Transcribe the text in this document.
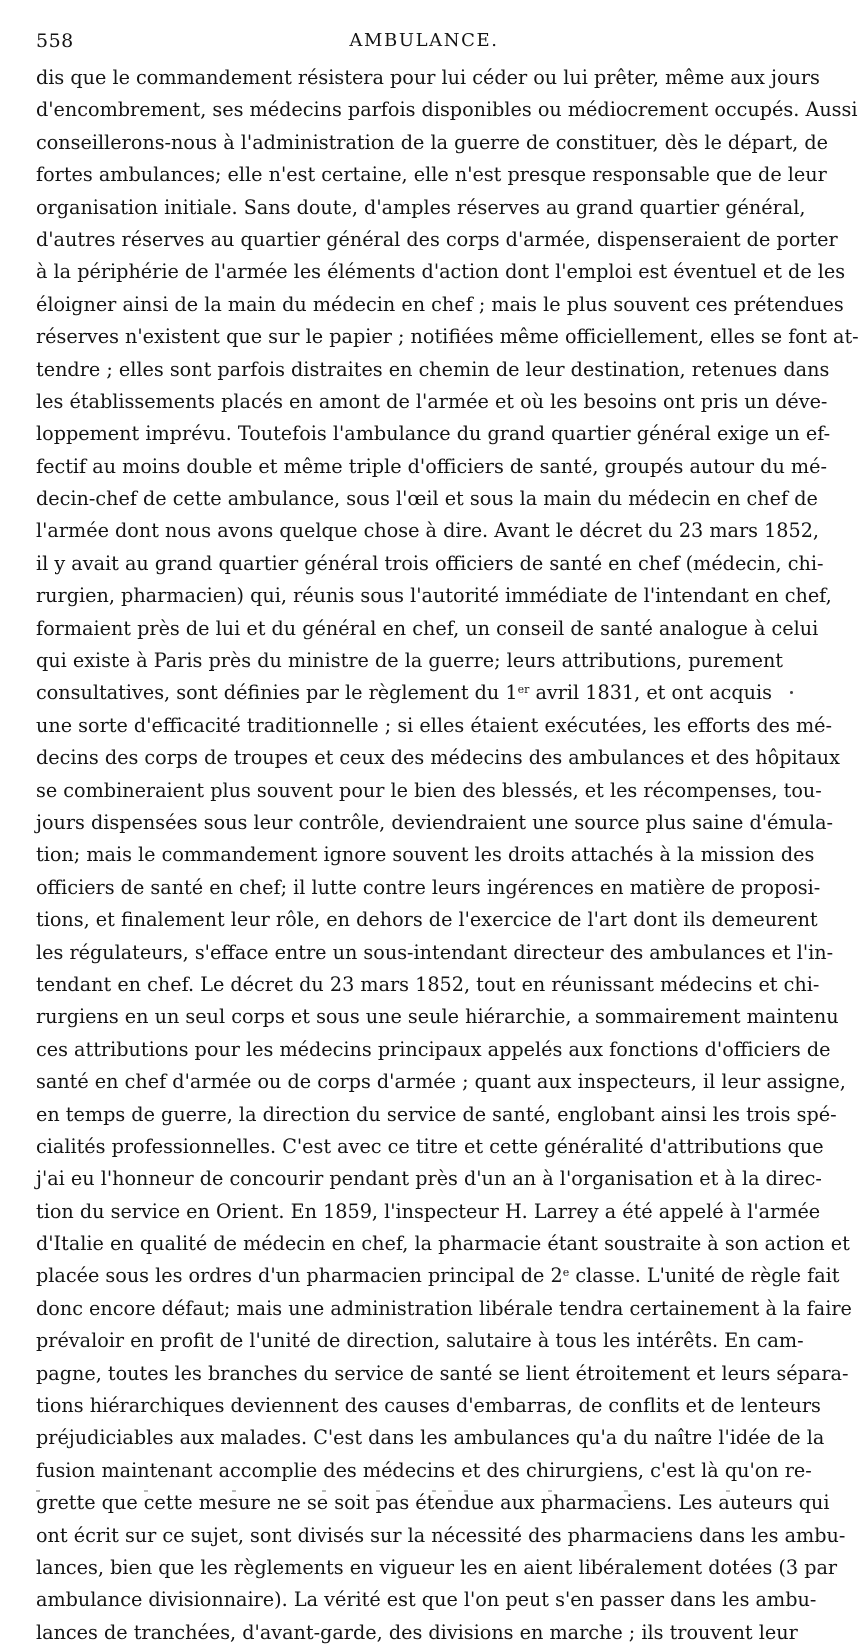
558	AMBULANCE.
dis que le commandement résistera pour lui céder ou lui prêter, même aux jours
d'encombrement, ses médecins parfois disponibles ou médiocrement occupés. Aussi
conseillerons-nous à l'administration de la guerre de constituer, dès le départ, de
fortes ambulances; elle n'est certaine, elle n'est presque responsable que de leur
organisation initiale. Sans doute, d'amples réserves au grand quartier général,
d'autres réserves au quartier général des corps d'armée, dispenseraient de porter
à la périphérie de l'armée les éléments d'action dont l'emploi est éventuel et de les
éloigner ainsi de la main du médecin en chef ; mais le plus souvent ces prétendues
réserves n'existent que sur le papier ; notifiées même officiellement, elles se font at-
tendre ; elles sont parfois distraites en chemin de leur destination, retenues dans
les établissements placés en amont de l'armée et où les besoins ont pris un déve-
loppement imprévu. Toutefois l'ambulance du grand quartier général exige un ef-
fectif au moins double et même triple d'officiers de santé, groupés autour du mé-
decin-chef de cette ambulance, sous l'œil et sous la main du médecin en chef de
l'armée dont nous avons quelque chose à dire. Avant le décret du 23 mars 1852,
il y avait au grand quartier général trois officiers de santé en chef (médecin, chi-
rurgien, pharmacien) qui, réunis sous l'autorité immédiate de l'intendant en chef,
formaient près de lui et du général en chef, un conseil de santé analogue à celui
qui existe à Paris près du ministre de la guerre; leurs attributions, purement
consultatives, sont définies par le règlement du 1er avril 1831, et ont acquis
une sorte d'efficacité traditionnelle ; si elles étaient exécutées, les efforts des mé-
decins des corps de troupes et ceux des médecins des ambulances et des hôpitaux
se combineraient plus souvent pour le bien des blessés, et les récompenses, tou-
jours dispensées sous leur contrôle, deviendraient une source plus saine d'émula-
tion; mais le commandement ignore souvent les droits attachés à la mission des
officiers de santé en chef; il lutte contre leurs ingérences en matière de proposi-
tions, et finalement leur rôle, en dehors de l'exercice de l'art dont ils demeurent
les régulateurs, s'efface entre un sous-intendant directeur des ambulances et l'in-
tendant en chef. Le décret du 23 mars 1852, tout en réunissant médecins et chi-
rurgiens en un seul corps et sous une seule hiérarchie, a sommairement maintenu
ces attributions pour les médecins principaux appelés aux fonctions d'officiers de
santé en chef d'armée ou de corps d'armée ; quant aux inspecteurs, il leur assigne,
en temps de guerre, la direction du service de santé, englobant ainsi les trois spé-
cialités professionnelles. C'est avec ce titre et cette généralité d'attributions que
j'ai eu l'honneur de concourir pendant près d'un an à l'organisation et à la direc-
tion du service en Orient. En 1859, l'inspecteur H. Larrey a été appelé à l'armée
d'Italie en qualité de médecin en chef, la pharmacie étant soustraite à son action et
placée sous les ordres d'un pharmacien principal de 2e classe. L'unité de règle fait
donc encore défaut; mais une administration libérale tendra certainement à la faire
prévaloir en profit de l'unité de direction, salutaire à tous les intérêts. En cam-
pagne, toutes les branches du service de santé se lient étroitement et leurs sépara-
tions hiérarchiques deviennent des causes d'embarras, de conflits et de lenteurs
préjudiciables aux malades. C'est dans les ambulances qu'a du naître l'idée de la
fusion maintenant accomplie des médecins et des chirurgiens, c'est là qu'on re-
grette que cette mesure ne se soit pas étendue aux pharmaciens. Les auteurs qui
ont écrit sur ce sujet, sont divisés sur la nécessité des pharmaciens dans les ambu-
lances, bien que les règlements en vigueur les en aient libéralement dotées (3 par
ambulance divisionnaire). La vérité est que l'on peut s'en passer dans les ambu-
lances de tranchées, d'avant-garde, des divisions en marche ; ils trouvent leur
